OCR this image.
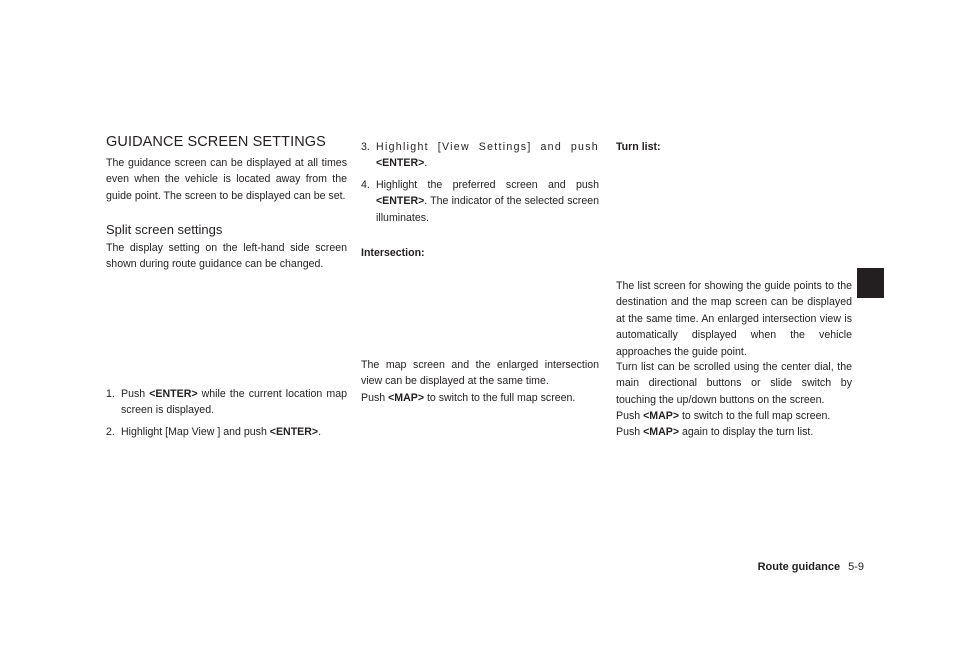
GUIDANCE SCREEN SETTINGS

The guidance screen can be displayed at all times even when the vehicle is located away from the guide point. The screen to be displayed can be set.

Split screen settings

The display setting on the left-hand side screen shown during route guidance can be changed.

1. Push <ENTER> while the current location map screen is displayed.
2. Highlight [Map View ] and push <ENTER>.
3. Highlight [View Settings] and push <ENTER>.
4. Highlight the preferred screen and push <ENTER>. The indicator of the selected screen illuminates.

Intersection:

The map screen and the enlarged intersection view can be displayed at the same time.

Push <MAP> to switch to the full map screen.

Turn list:

The list screen for showing the guide points to the destination and the map screen can be displayed at the same time. An enlarged intersection view is automatically displayed when the vehicle approaches the guide point.

Turn list can be scrolled using the center dial, the main directional buttons or slide switch by touching the up/down buttons on the screen.

Push <MAP> to switch to the full map screen.

Push <MAP> again to display the turn list.

Route guidance 5-9
